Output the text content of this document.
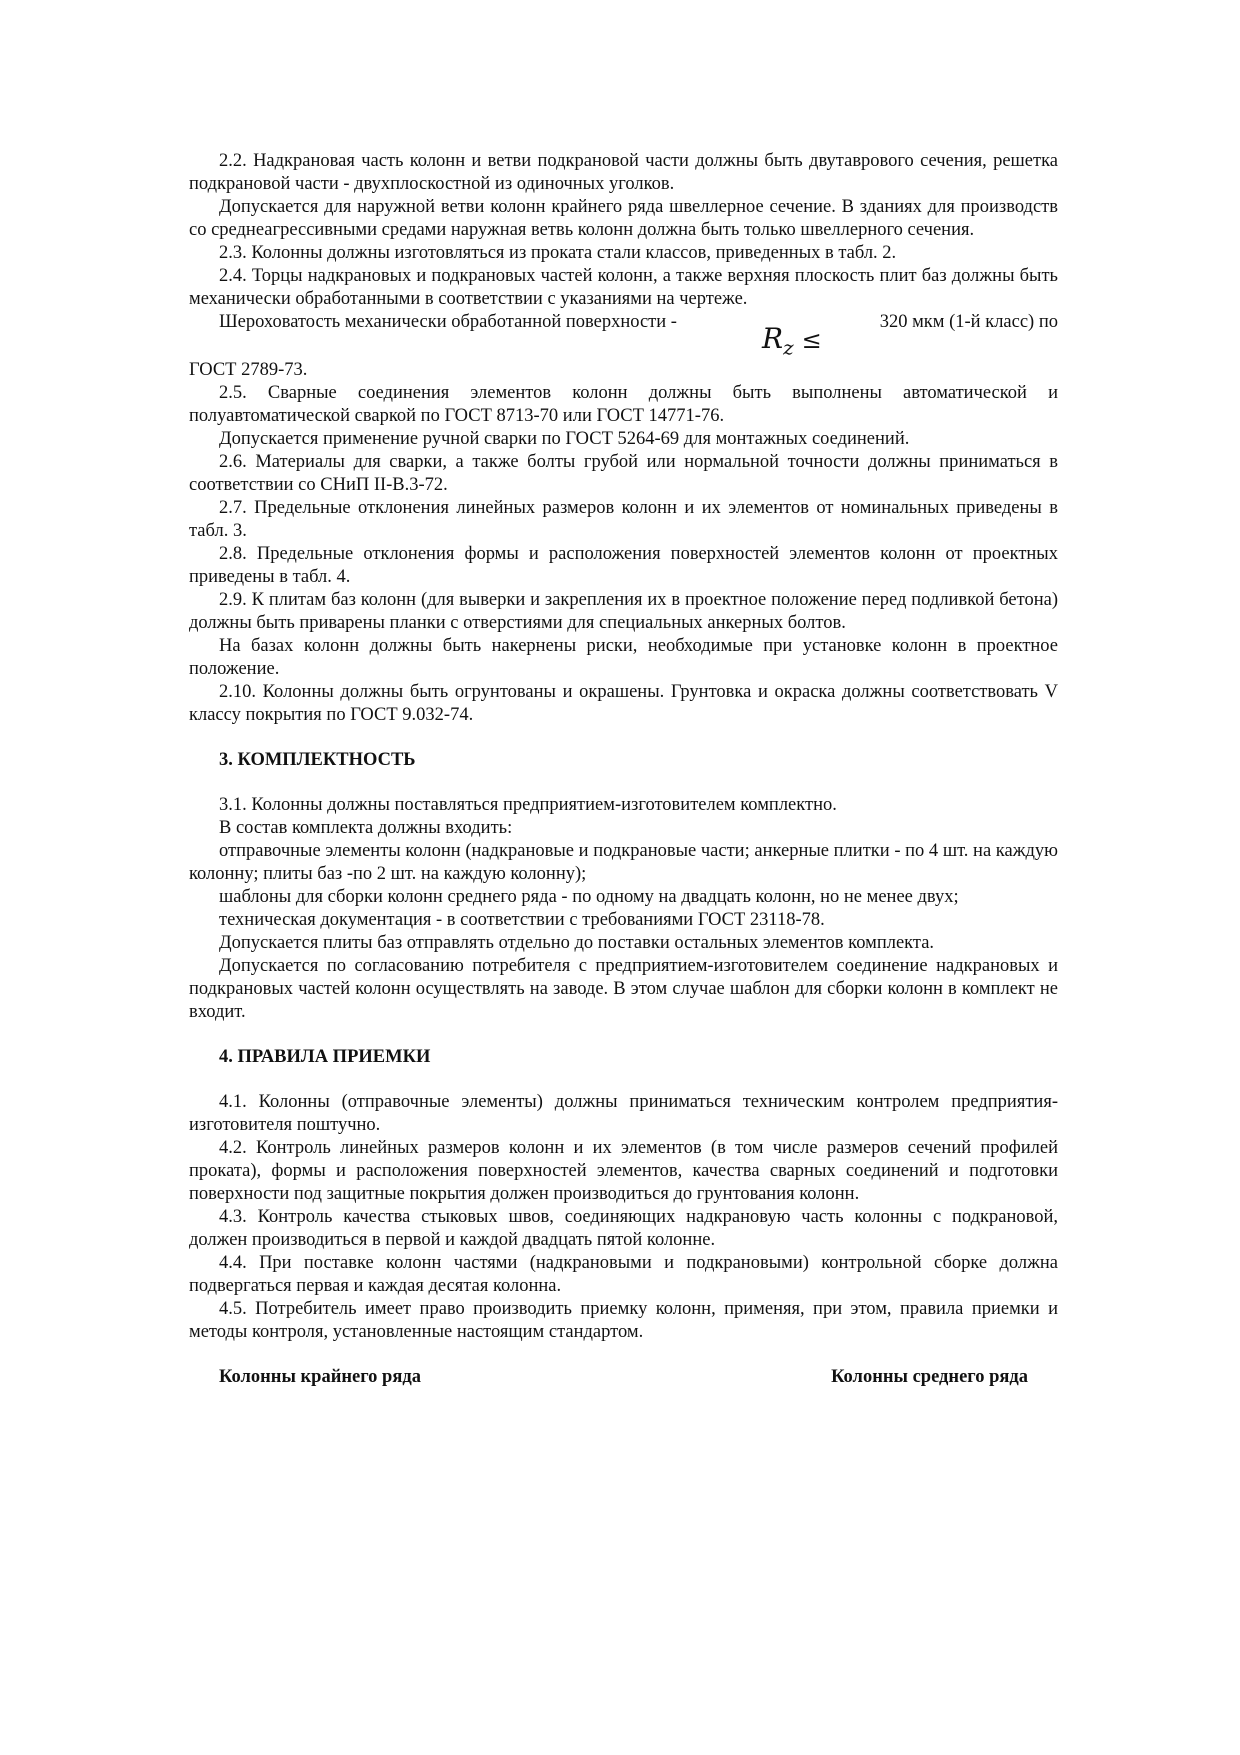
2.2. Надкрановая часть колонн и ветви подкрановой части должны быть двутаврового сечения, решетка подкрановой части - двухплоскостной из одиночных уголков.

Допускается для наружной ветви колонн крайнего ряда швеллерное сечение. В зданиях для производств со среднеагрессивными средами наружная ветвь колонн должна быть только швеллерного сечения.

2.3. Колонны должны изготовляться из проката стали классов, приведенных в табл. 2.

2.4. Торцы надкрановых и подкрановых частей колонн, а также верхняя плоскость плит баз должны быть механически обработанными в соответствии с указаниями на чертеже.

Шероховатость механически обработанной поверхности -	320 мкм (1-й класс) по
$R_z$ ≤

ГОСТ 2789-73.

2.5. Сварные соединения элементов колонн должны быть выполнены автоматической и полуавтоматической сваркой по ГОСТ 8713-70 или ГОСТ 14771-76.

Допускается применение ручной сварки по ГОСТ 5264-69 для монтажных соединений.

2.6. Материалы для сварки, а также болты грубой или нормальной точности должны приниматься в соответствии со СНиП II-В.3-72.

2.7. Предельные отклонения линейных размеров колонн и их элементов от номинальных приведены в табл. 3.

2.8. Предельные отклонения формы и расположения поверхностей элементов колонн от проектных приведены в табл. 4.

2.9. К плитам баз колонн (для выверки и закрепления их в проектное положение перед подливкой бетона) должны быть приварены планки с отверстиями для специальных анкерных болтов.

На базах колонн должны быть накернены риски, необходимые при установке колонн в проектное положение.

2.10. Колонны должны быть огрунтованы и окрашены. Грунтовка и окраска должны соответствовать V классу покрытия по ГОСТ 9.032-74.

3. КОМПЛЕКТНОСТЬ

3.1. Колонны должны поставляться предприятием-изготовителем комплектно.

В состав комплекта должны входить:

отправочные элементы колонн (надкрановые и подкрановые части; анкерные плитки - по 4 шт. на каждую колонну; плиты баз -по 2 шт. на каждую колонну);

шаблоны для сборки колонн среднего ряда - по одному на двадцать колонн, но не менее двух;

техническая документация - в соответствии с требованиями ГОСТ 23118-78.

Допускается плиты баз отправлять отдельно до поставки остальных элементов комплекта.

Допускается по согласованию потребителя с предприятием-изготовителем соединение надкрановых и подкрановых частей колонн осуществлять на заводе. В этом случае шаблон для сборки колонн в комплект не входит.

4. ПРАВИЛА ПРИЕМКИ

4.1. Колонны (отправочные элементы) должны приниматься техническим контролем предприятия-изготовителя поштучно.

4.2. Контроль линейных размеров колонн и их элементов (в том числе размеров сечений профилей проката), формы и расположения поверхностей элементов, качества сварных соединений и подготовки поверхности под защитные покрытия должен производиться до грунтования колонн.

4.3. Контроль качества стыковых швов, соединяющих надкрановую часть колонны с подкрановой, должен производиться в первой и каждой двадцать пятой колонне.

4.4. При поставке колонн частями (надкрановыми и подкрановыми) контрольной сборке должна подвергаться первая и каждая десятая колонна.

4.5. Потребитель имеет право производить приемку колонн, применяя, при этом, правила приемки и методы контроля, установленные настоящим стандартом.

Колонны крайнего ряда	Колонны среднего ряда
